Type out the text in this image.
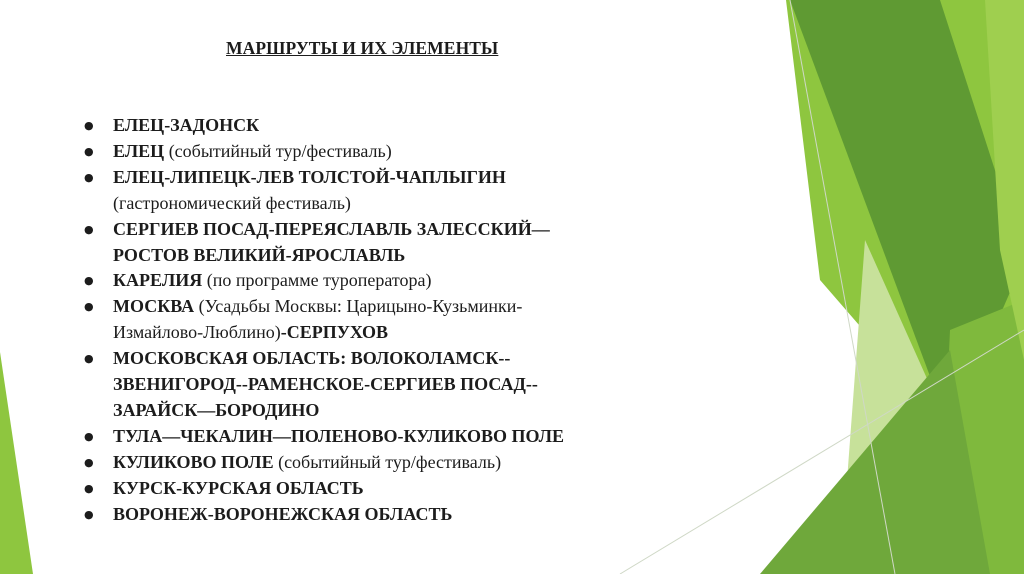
МАРШРУТЫ И ИХ ЭЛЕМЕНТЫ
● ЕЛЕЦ-ЗАДОНСК
● ЕЛЕЦ (событийный тур/фестиваль)
● ЕЛЕЦ-ЛИПЕЦК-ЛЕВ ТОЛСТОЙ-ЧАПЛЫГИН
(гастрономический фестиваль)
● СЕРГИЕВ ПОСАД-ПЕРЕЯСЛАВЛЬ ЗАЛЕССКИЙ—
РОСТОВ ВЕЛИКИЙ-ЯРОСЛАВЛЬ
● КАРЕЛИЯ (по программе туроператора)
● МОСКВА (Усадьбы Москвы: Царицыно-Кузьминки-
Измайлово-Люблино)-СЕРПУХОВ
● МОСКОВСКАЯ ОБЛАСТЬ: ВОЛОКОЛАМСК--
ЗВЕНИГОРОД--РАМЕНСКОЕ-СЕРГИЕВ ПОСАД--
ЗАРАЙСК—БОРОДИНО
● ТУЛА—ЧЕКАЛИН—ПОЛЕНОВО-КУЛИКОВО ПОЛЕ
● КУЛИКОВО ПОЛЕ (событийный тур/фестиваль)
● КУРСК-КУРСКАЯ ОБЛАСТЬ
● ВОРОНЕЖ-ВОРОНЕЖСКАЯ ОБЛАСТЬ
